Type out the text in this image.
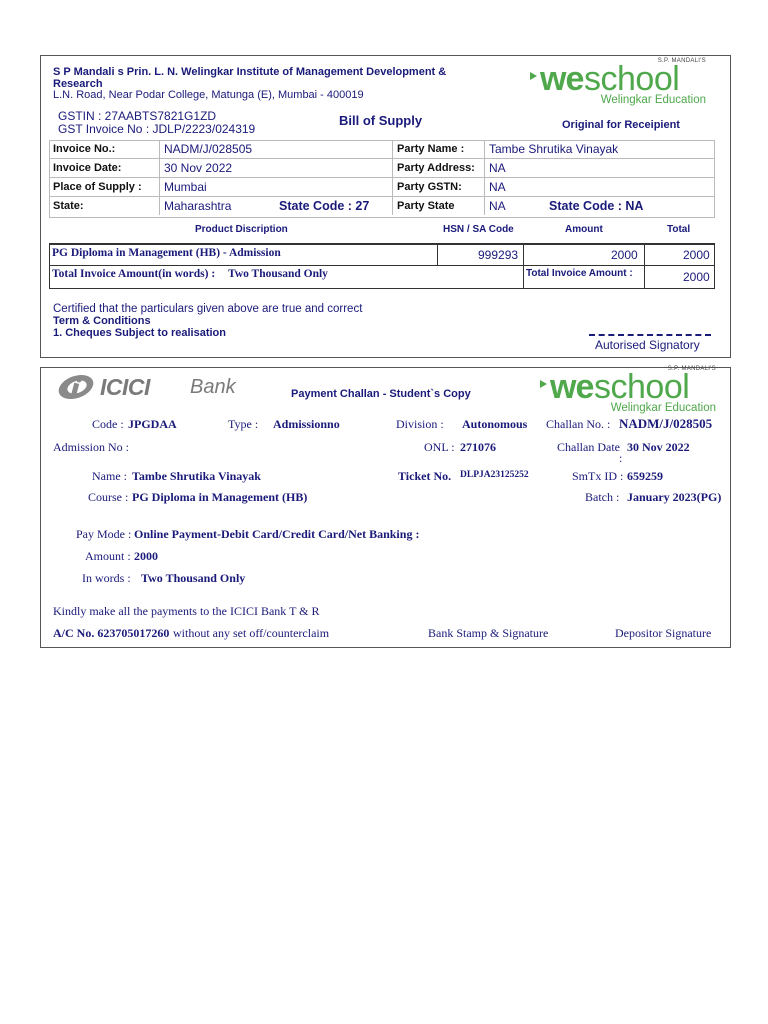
S P Mandali s Prin. L. N. Welingkar Institute of Management Development &
Research
L.N. Road, Near Podar College, Matunga (E), Mumbai - 400019
GSTIN : 27AABTS7821G1ZD
GST Invoice No : JDLP/2223/024319
Bill of Supply	Original for Receipient
S.P. MANDALI'S
we school
Welingkar Education
Invoice No.:	NADM/J/028505	Party Name :	Tambe Shrutika Vinayak
Invoice Date:	30 Nov 2022	Party Address:	NA
Place of Supply :	Mumbai	Party GSTN:	NA
State:	Maharashtra	State Code : 27	Party State	NA	State Code : NA
Product Discription	HSN / SA Code	Amount	Total
PG Diploma in Management (HB) - Admission	999293	2000	2000
Total Invoice Amount(in words) : Two Thousand Only	Total Invoice Amount :	2000
Certified that the particulars given above are true and correct
Term & Conditions
1. Cheques Subject to realisation
Autorised Signatory
ICICI Bank	Payment Challan - Student`s Copy
S.P. MANDALI'S
we school
Welingkar Education
Code : JPGDAA	Type : Admissionno	Division : Autonomous Challan No. : NADM/J/028505
Admission No :	ONL : 271076	Challan Date 30 Nov 2022
:
Name : Tambe Shrutika Vinayak	Ticket No. DLPJA23125252	SmTx ID : 659259
Course : PG Diploma in Management (HB)	Batch : January 2023(PG)
Pay Mode : Online Payment-Debit Card/Credit Card/Net Banking :
Amount : 2000
In words : Two Thousand Only
Kindly make all the payments to the ICICI Bank T & R
A/C No. 623705017260 without any set off/counterclaim	Bank Stamp & Signature	Depositor Signature
